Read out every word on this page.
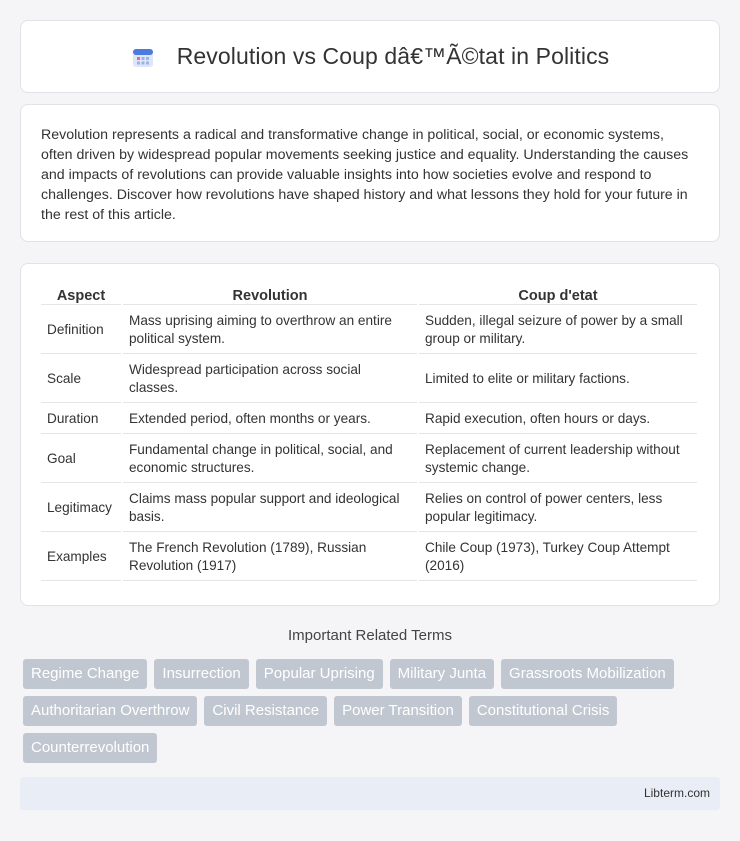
Revolution vs Coup dâ€™Ã©tat in Politics

Revolution represents a radical and transformative change in political, social, or economic systems, often driven by widespread popular movements seeking justice and equality. Understanding the causes and impacts of revolutions can provide valuable insights into how societies evolve and respond to challenges. Discover how revolutions have shaped history and what lessons they hold for your future in the rest of this article.

Aspect	Revolution	Coup d'etat
Definition	Mass uprising aiming to overthrow an entire political system.	Sudden, illegal seizure of power by a small group or military.
Scale	Widespread participation across social classes.	Limited to elite or military factions.
Duration	Extended period, often months or years.	Rapid execution, often hours or days.
Goal	Fundamental change in political, social, and economic structures.	Replacement of current leadership without systemic change.
Legitimacy	Claims mass popular support and ideological basis.	Relies on control of power centers, less popular legitimacy.
Examples	The French Revolution (1789), Russian Revolution (1917)	Chile Coup (1973), Turkey Coup Attempt (2016)
Important Related Terms
Regime Change	Insurrection	Popular Uprising	Military Junta	Grassroots Mobilization
Authoritarian Overthrow	Civil Resistance	Power Transition	Constitutional Crisis
Counterrevolution
Libterm.com
